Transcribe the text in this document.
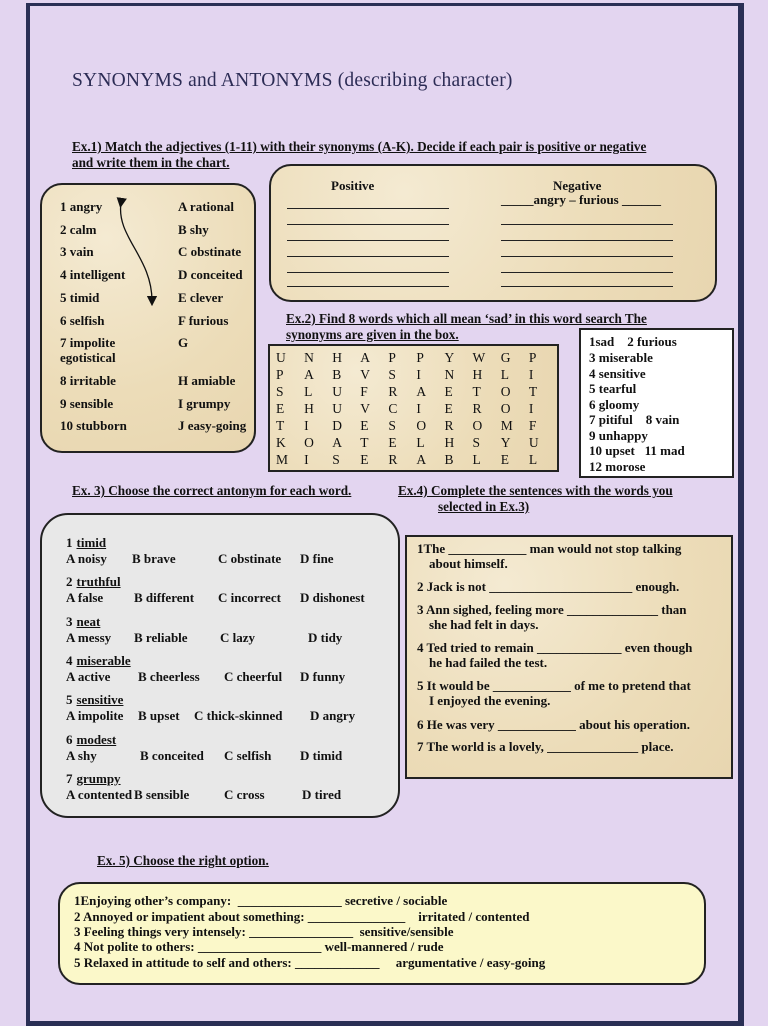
SYNONYMS and ANTONYMS (describing character)
Ex.1) Match the adjectives (1-11) with their synonyms (A-K). Decide if each pair is positive or negative
and write them in the chart.
1 angry	A rational
2 calm	B shy
3 vain	C obstinate
4 intelligent	D conceited
5 timid	E clever
6 selfish	F furious
7 impolite	G
egotistical
8 irritable	H amiable
9 sensible	I grumpy
10 stubborn	J easy-going
Positive	Negative
_____angry – furious ______
Ex.2) Find 8 words which all mean ‘sad’ in this word search The
synonyms are given in the box.
U	N	H	A	P	P	Y	W	G	P
P	A	B	V	S	I	N	H	L	I
S	L	U	F	R	A	E	T	O	T
E	H	U	V	C	I	E	R	O	I
T	I	D	E	S	O	R	O	M	F
K	O	A	T	E	L	H	S	Y	U
M	I	S	E	R	A	B	L	E	L
1sad    2 furious
3 miserable
4 sensitive
5 tearful
6 gloomy
7 pitiful    8 vain
9 unhappy
10 upset   11 mad
12 morose
Ex. 3) Choose the correct antonym for each word.	Ex.4) Complete the sentences with the words you
selected in Ex.3)
1 timid
A noisy B brave	C obstinate D fine
2 truthful
A false B different C incorrect D dishonest
3 neat
A messy B reliable C lazy	D tidy
4 miserable
A active B cheerless C cheerful D funny
5 sensitive
A impolite B upset C thick-skinned D angry
6 modest
A shy	B conceited C selfish D timid
7 grumpy
A contented B sensible	C cross	D tired
1The ____________ man would not stop talking
about himself.
2 Jack is not ______________________ enough.
3 Ann sighed, feeling more ______________ than
she had felt in days.
4 Ted tried to remain _____________ even though
he had failed the test.
5 It would be ____________ of me to pretend that
I enjoyed the evening.
6 He was very ____________ about his operation.
7 The world is a lovely, ______________ place.
Ex. 5) Choose the right option.
1Enjoying other’s company:  ________________ secretive / sociable
2 Annoyed or impatient about something: _______________    irritated / contented
3 Feeling things very intensely: ________________  sensitive/sensible
4 Not polite to others: ___________________ well-mannered / rude
5 Relaxed in attitude to self and others: _____________     argumentative / easy-going
